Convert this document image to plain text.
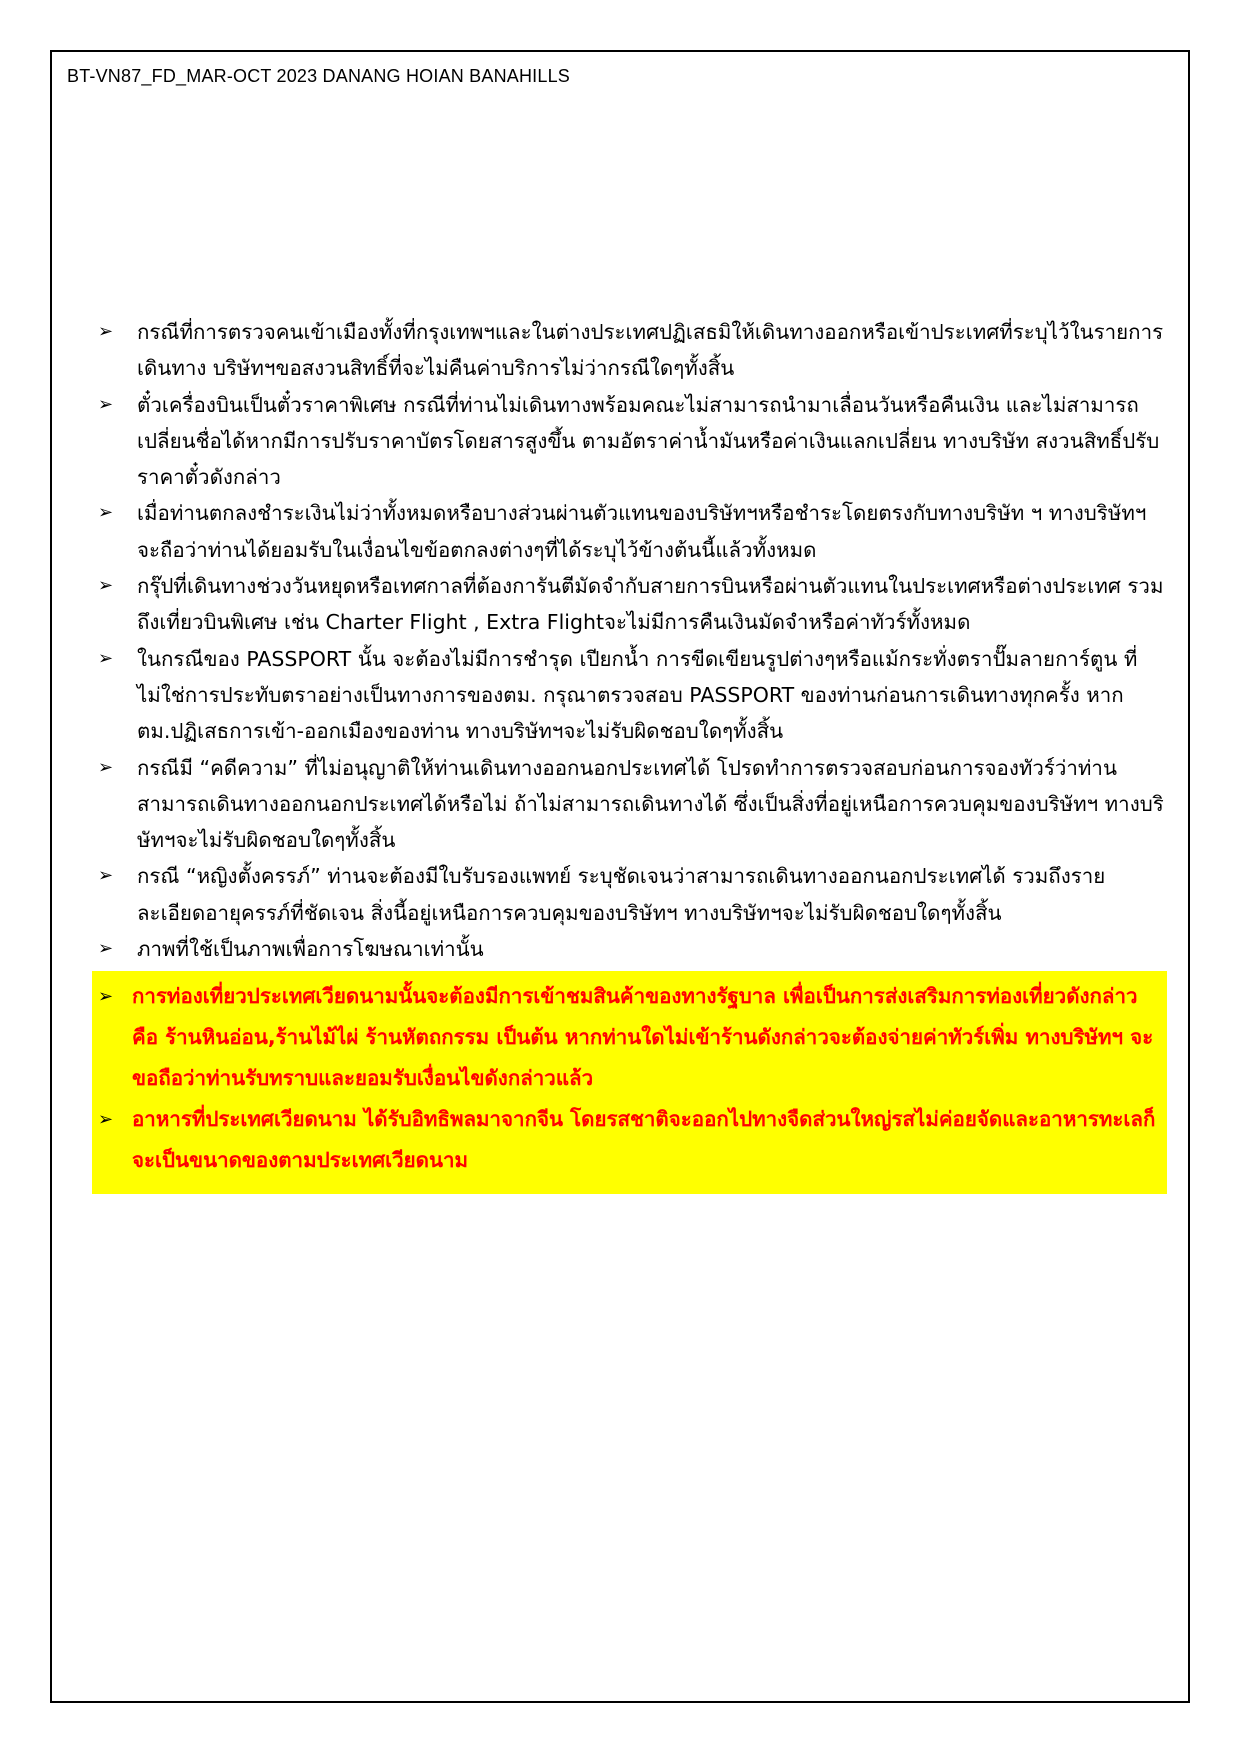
BT-VN87_FD_MAR-OCT 2023 DANANG HOIAN BANAHILLS
➢ กรณีที่การตรวจคนเข้าเมืองทั้งที่กรุงเทพฯและในต่างประเทศปฏิเสธมิให้เดินทางออกหรือเข้าประเทศที่ระบุไว้ในรายการเดินทาง บริษัทฯขอสงวนสิทธิ์ที่จะไม่คืนค่าบริการไม่ว่ากรณีใดๆทั้งสิ้น
➢ ตั๋วเครื่องบินเป็นตั๋วราคาพิเศษ กรณีที่ท่านไม่เดินทางพร้อมคณะไม่สามารถนำมาเลื่อนวันหรือคืนเงิน และไม่สามารถเปลี่ยนชื่อได้หากมีการปรับราคาบัตรโดยสารสูงขึ้น ตามอัตราค่าน้ำมันหรือค่าเงินแลกเปลี่ยน ทางบริษัท สงวนสิทธิ์ปรับราคาตั๋วดังกล่าว
➢ เมื่อท่านตกลงชำระเงินไม่ว่าทั้งหมดหรือบางส่วนผ่านตัวแทนของบริษัทฯหรือชำระโดยตรงกับทางบริษัท ฯ ทางบริษัทฯจะถือว่าท่านได้ยอมรับในเงื่อนไขข้อตกลงต่างๆที่ได้ระบุไว้ข้างต้นนี้แล้วทั้งหมด
➢ กรุ๊ปที่เดินทางช่วงวันหยุดหรือเทศกาลที่ต้องการันตีมัดจำกับสายการบินหรือผ่านตัวแทนในประเทศหรือต่างประเทศ รวมถึงเที่ยวบินพิเศษ เช่น Charter Flight , Extra Flightจะไม่มีการคืนเงินมัดจำหรือค่าทัวร์ทั้งหมด
➢ ในกรณีของ PASSPORT นั้น จะต้องไม่มีการชำรุด เปียกน้ำ การขีดเขียนรูปต่างๆหรือแม้กระทั่งตราปั๊มลายการ์ตูน ที่ไม่ใช่การประทับตราอย่างเป็นทางการของตม. กรุณาตรวจสอบ PASSPORT ของท่านก่อนการเดินทางทุกครั้ง หาก ตม.ปฏิเสธการเข้า-ออกเมืองของท่าน ทางบริษัทฯจะไม่รับผิดชอบใดๆทั้งสิ้น
➢ กรณีมี “คดีความ” ที่ไม่อนุญาติให้ท่านเดินทางออกนอกประเทศได้ โปรดทำการตรวจสอบก่อนการจองทัวร์ว่าท่านสามารถเดินทางออกนอกประเทศได้หรือไม่ ถ้าไม่สามารถเดินทางได้ ซึ่งเป็นสิ่งที่อยู่เหนือการควบคุมของบริษัทฯ ทางบริษัทฯจะไม่รับผิดชอบใดๆทั้งสิ้น
➢ กรณี “หญิงตั้งครรภ์” ท่านจะต้องมีใบรับรองแพทย์ ระบุชัดเจนว่าสามารถเดินทางออกนอกประเทศได้ รวมถึงรายละเอียดอายุครรภ์ที่ชัดเจน สิ่งนี้อยู่เหนือการควบคุมของบริษัทฯ ทางบริษัทฯจะไม่รับผิดชอบใดๆทั้งสิ้น
➢ ภาพที่ใช้เป็นภาพเพื่อการโฆษณาเท่านั้น
➢ การท่องเที่ยวประเทศเวียดนามนั้นจะต้องมีการเข้าชมสินค้าของทางรัฐบาล เพื่อเป็นการส่งเสริมการท่องเที่ยวดังกล่าว คือ ร้านหินอ่อน,ร้านไม้ไผ่ ร้านหัตถกรรม เป็นต้น หากท่านใดไม่เข้าร้านดังกล่าวจะต้องจ่ายค่าทัวร์เพิ่ม ทางบริษัทฯ จะขอถือว่าท่านรับทราบและยอมรับเงื่อนไขดังกล่าวแล้ว
➢ อาหารที่ประเทศเวียดนาม ได้รับอิทธิพลมาจากจีน โดยรสชาติจะออกไปทางจืดส่วนใหญ่รสไม่ค่อยจัดและอาหารทะเลก็จะเป็นขนาดของตามประเทศเวียดนาม
